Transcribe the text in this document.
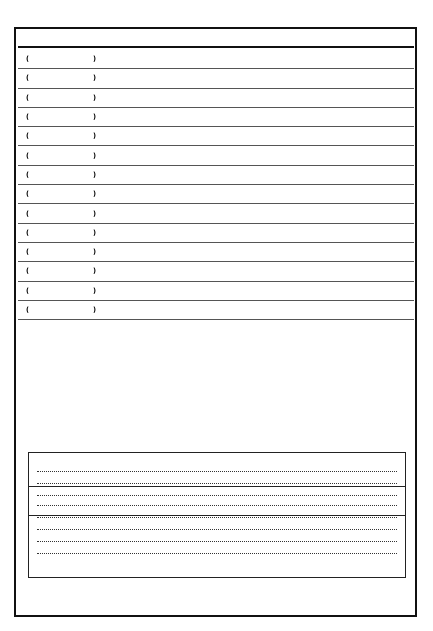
(
)
(
)
(
)
(
)
(
)
(
)
(
)
(
)
(
)
(
)
(
)
(
)
(
)
(
)
